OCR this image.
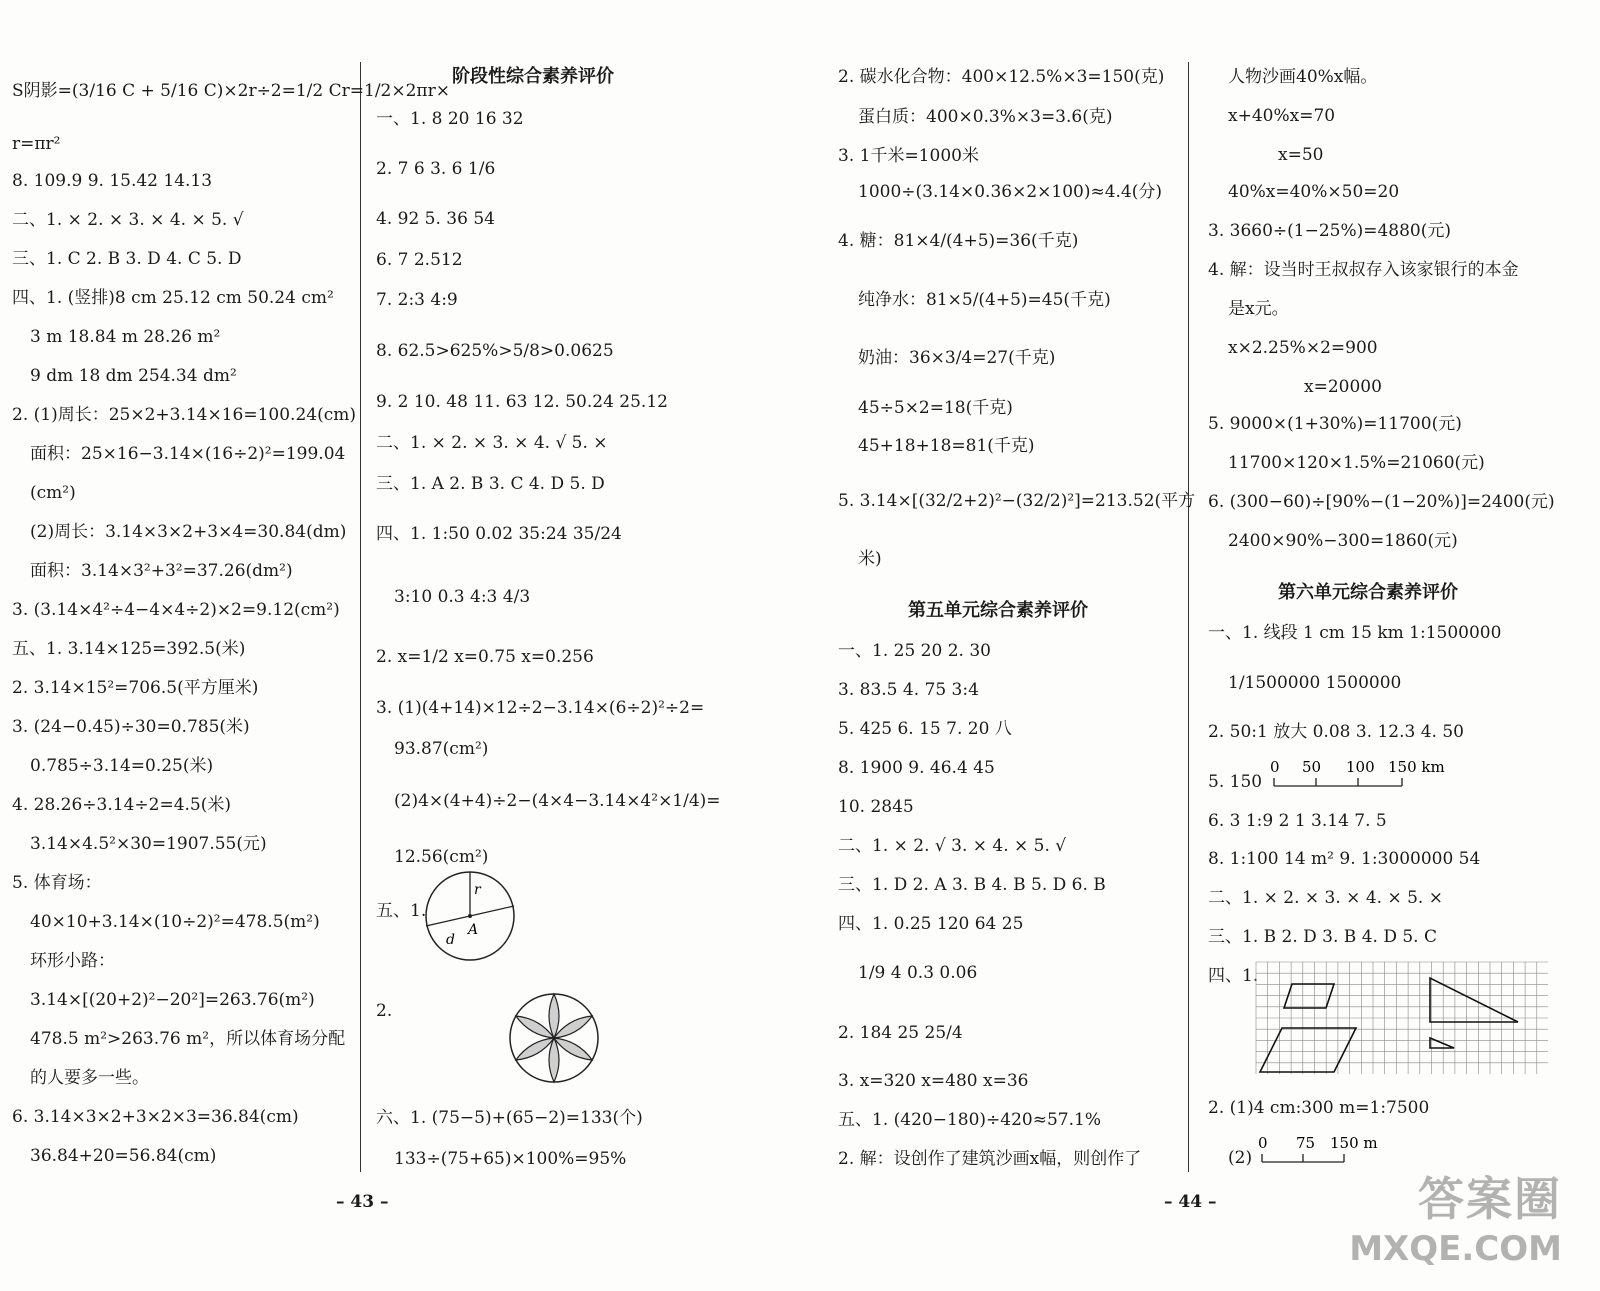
S阴影=(3/16 C + 5/16 C)×2r÷2=1/2 Cr=1/2×2πr×
r=πr²
8. 109.9 9. 15.42 14.13
二、1. × 2. × 3. × 4. × 5. √
三、1. C 2. B 3. D 4. C 5. D
四、1. (竖排)8 cm 25.12 cm 50.24 cm²
3 m 18.84 m 28.26 m²
9 dm 18 dm 254.34 dm²
2. (1)周长：25×2+3.14×16=100.24(cm)
面积：25×16−3.14×(16÷2)²=199.04
(cm²)
(2)周长：3.14×3×2+3×4=30.84(dm)
面积：3.14×3²+3²=37.26(dm²)
3. (3.14×4²÷4−4×4÷2)×2=9.12(cm²)
五、1. 3.14×125=392.5(米)
2. 3.14×15²=706.5(平方厘米)
3. (24−0.45)÷30=0.785(米)
0.785÷3.14=0.25(米)
4. 28.26÷3.14÷2=4.5(米)
3.14×4.5²×30=1907.55(元)
5. 体育场：
40×10+3.14×(10÷2)²=478.5(m²)
环形小路：
3.14×[(20+2)²−20²]=263.76(m²)
478.5 m²>263.76 m²，所以体育场分配
的人要多一些。
6. 3.14×3×2+3×2×3=36.84(cm)
36.84+20=56.84(cm)
阶段性综合素养评价
一、1. 8 20 16 32
2. 7 6 3. 6 1/6
4. 92 5. 36 54
6. 7 2.512
7. 2:3 4:9
8. 62.5>625%>5/8>0.0625
9. 2 10. 48 11. 63 12. 50.24 25.12
二、1. × 2. × 3. × 4. √ 5. ×
三、1. A 2. B 3. C 4. D 5. D
四、1. 1:50 0.02 35:24 35/24
3:10 0.3 4:3 4/3
2. x=1/2 x=0.75 x=0.256
3. (1)(4+14)×12÷2−3.14×(6÷2)²÷2=
93.87(cm²)
(2)4×(4+4)÷2−(4×4−3.14×4²×1/4)=
12.56(cm²)
五、1.
2.
六、1. (75−5)+(65−2)=133(个)
133÷(75+65)×100%=95%
r
d
A
2. 碳水化合物：400×12.5%×3=150(克)
蛋白质：400×0.3%×3=3.6(克)
3. 1千米=1000米
1000÷(3.14×0.36×2×100)≈4.4(分)
4. 糖：81×4/(4+5)=36(千克)
纯净水：81×5/(4+5)=45(千克)
奶油：36×3/4=27(千克)
45÷5×2=18(千克)
45+18+18=81(千克)
5. 3.14×[(32/2+2)²−(32/2)²]=213.52(平方
米)
第五单元综合素养评价
一、1. 25 20 2. 30
3. 83.5 4. 75 3:4
5. 425 6. 15 7. 20 八
8. 1900 9. 46.4 45
10. 2845
二、1. × 2. √ 3. × 4. × 5. √
三、1. D 2. A 3. B 4. B 5. D 6. B
四、1. 0.25 120 64 25
1/9 4 0.3 0.06
2. 184 25 25/4
3. x=320 x=480 x=36
五、1. (420−180)÷420≈57.1%
2. 解：设创作了建筑沙画x幅，则创作了
人物沙画40%x幅。
x+40%x=70
x=50
40%x=40%×50=20
3. 3660÷(1−25%)=4880(元)
4. 解：设当时王叔叔存入该家银行的本金
是x元。
x×2.25%×2=900
x=20000
5. 9000×(1+30%)=11700(元)
11700×120×1.5%=21060(元)
6. (300−60)÷[90%−(1−20%)]=2400(元)
2400×90%−300=1860(元)
第六单元综合素养评价
一、1. 线段 1 cm 15 km 1:1500000
1/1500000 1500000
2. 50:1 放大 0.08 3. 12.3 4. 50
5. 150
6. 3 1:9 2 1 3.14 7. 5
8. 1:100 14 m² 9. 1:3000000 54
二、1. × 2. × 3. × 4. × 5. ×
三、1. B 2. D 3. B 4. D 5. C
四、1.
2. (1)4 cm:300 m=1:7500
(2)
0 50 100 150 km
0 75 150 m
– 43 –	– 44 –	答案圈
MXQE.COM
